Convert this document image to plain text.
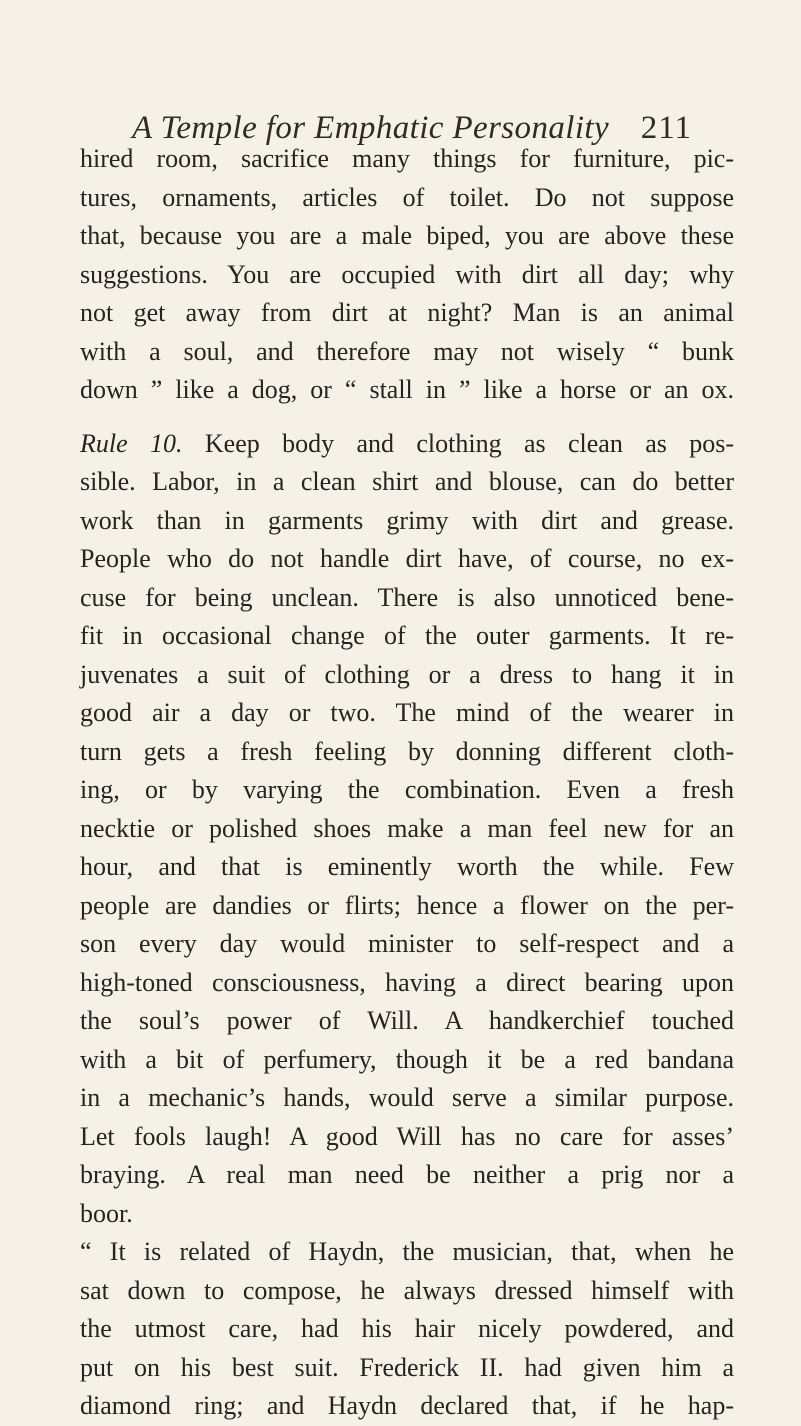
A Temple for Emphatic Personality 211
hired room, sacrifice many things for furniture, pic-
tures, ornaments, articles of toilet. Do not suppose
that, because you are a male biped, you are above these
suggestions. You are occupied with dirt all day; why
not get away from dirt at night? Man is an animal
with a soul, and therefore may not wisely “ bunk
down ” like a dog, or “ stall in ” like a horse or an ox.
Rule 10. Keep body and clothing as clean as pos-
sible. Labor, in a clean shirt and blouse, can do better
work than in garments grimy with dirt and grease.
People who do not handle dirt have, of course, no ex-
cuse for being unclean. There is also unnoticed bene-
fit in occasional change of the outer garments. It re-
juvenates a suit of clothing or a dress to hang it in
good air a day or two. The mind of the wearer in
turn gets a fresh feeling by donning different cloth-
ing, or by varying the combination. Even a fresh
necktie or polished shoes make a man feel new for an
hour, and that is eminently worth the while. Few
people are dandies or flirts; hence a flower on the per-
son every day would minister to self-respect and a
high-toned consciousness, having a direct bearing upon
the soul’s power of Will. A handkerchief touched
with a bit of perfumery, though it be a red bandana
in a mechanic’s hands, would serve a similar purpose.
Let fools laugh! A good Will has no care for asses’
braying. A real man need be neither a prig nor a
boor.
“ It is related of Haydn, the musician, that, when he
sat down to compose, he always dressed himself with
the utmost care, had his hair nicely powdered, and
put on his best suit. Frederick II. had given him a
diamond ring; and Haydn declared that, if he hap-
